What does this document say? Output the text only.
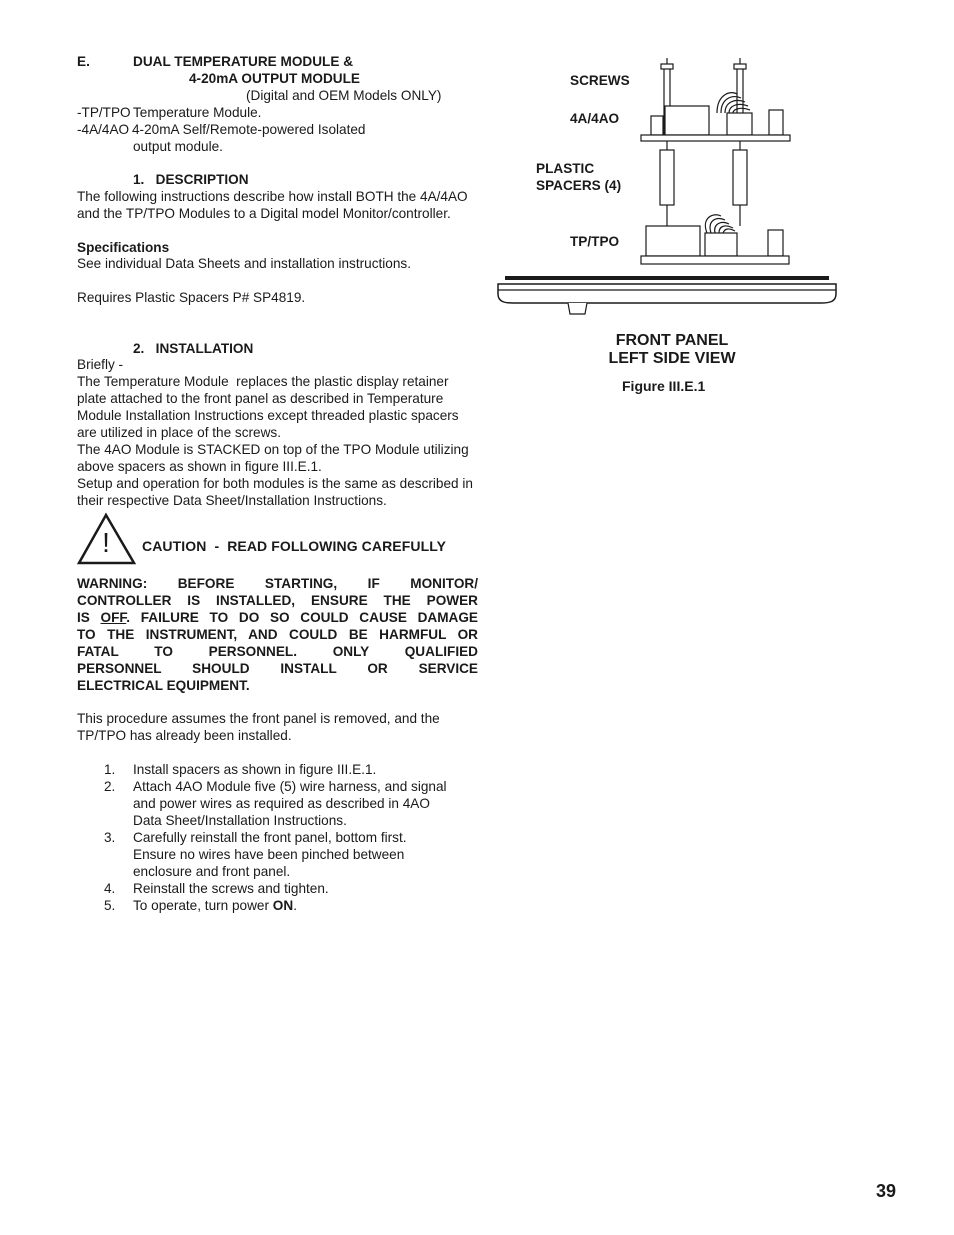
E.	DUAL TEMPERATURE MODULE &
4-20mA OUTPUT MODULE
(Digital and OEM Models ONLY)
-TP/TPO Temperature Module.
-4A/4AO 4-20mA Self/Remote-powered Isolated
output module.
1.   DESCRIPTION

The following instructions describe how install BOTH the 4A/4AO

and the TP/TPO Modules to a Digital model Monitor/controller.

Specifications
See individual Data Sheets and installation instructions.
Requires Plastic Spacers P# SP4819.
2.   INSTALLATION

Briefly -

The Temperature Module  replaces the plastic display retainer

plate attached to the front panel as described in Temperature

Module Installation Instructions except threaded plastic spacers

are utilized in place of the screws.

The 4AO Module is STACKED on top of the TPO Module utilizing

above spacers as shown in figure III.E.1.

Setup and operation for both modules is the same as described in

their respective Data Sheet/Installation Instructions.

!	CAUTION  -  READ FOLLOWING CAREFULLY

WARNING: BEFORE STARTING, IF MONITOR/

CONTROLLER IS INSTALLED, ENSURE THE POWER

IS OFF. FAILURE TO DO SO COULD CAUSE DAMAGE

TO THE INSTRUMENT, AND COULD BE HARMFUL OR

FATAL TO PERSONNEL. ONLY QUALIFIED

PERSONNEL SHOULD INSTALL OR SERVICE

ELECTRICAL EQUIPMENT.

This procedure assumes the front panel is removed, and the

TP/TPO has already been installed.

1. Install spacers as shown in figure III.E.1.

2. Attach 4AO Module five (5) wire harness, and signal

and power wires as required as described in 4AO

Data Sheet/Installation Instructions.

3. Carefully reinstall the front panel, bottom first.

Ensure no wires have been pinched between

enclosure and front panel.

4. Reinstall the screws and tighten.

5. To operate, turn power ON.

SCREWS
4A/4AO
PLASTIC
SPACERS (4)
TP/TPO
FRONT PANEL
LEFT SIDE VIEW
Figure III.E.1
39
